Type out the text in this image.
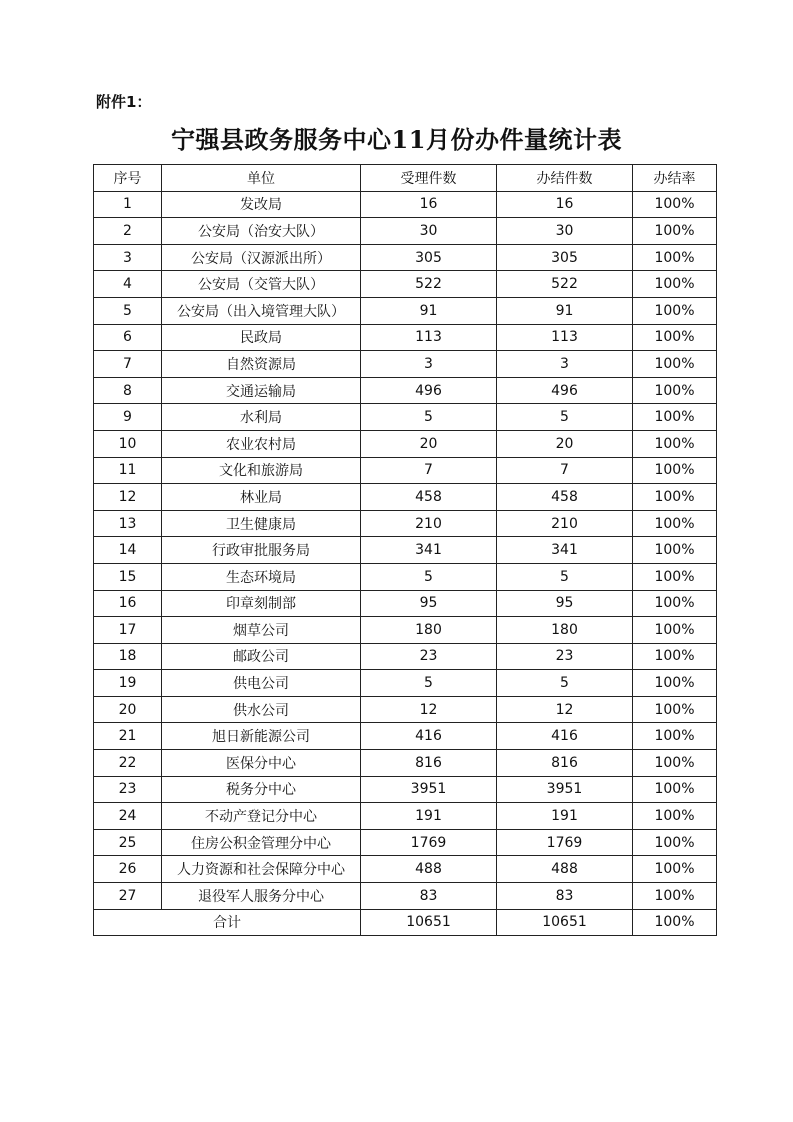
附件1：
宁强县政务服务中心11月份办件量统计表
序号	单位	受理件数	办结件数	办结率
1	发改局	16	16	100%
2	公安局（治安大队）	30	30	100%
3	公安局（汉源派出所）	305	305	100%
4	公安局（交管大队）	522	522	100%
5	公安局（出入境管理大队）	91	91	100%
6	民政局	113	113	100%
7	自然资源局	3	3	100%
8	交通运输局	496	496	100%
9	水利局	5	5	100%
10	农业农村局	20	20	100%
11	文化和旅游局	7	7	100%
12	林业局	458	458	100%
13	卫生健康局	210	210	100%
14	行政审批服务局	341	341	100%
15	生态环境局	5	5	100%
16	印章刻制部	95	95	100%
17	烟草公司	180	180	100%
18	邮政公司	23	23	100%
19	供电公司	5	5	100%
20	供水公司	12	12	100%
21	旭日新能源公司	416	416	100%
22	医保分中心	816	816	100%
23	税务分中心	3951	3951	100%
24	不动产登记分中心	191	191	100%
25	住房公积金管理分中心	1769	1769	100%
26	人力资源和社会保障分中心	488	488	100%
27	退役军人服务分中心	83	83	100%
合计		10651	10651	100%
